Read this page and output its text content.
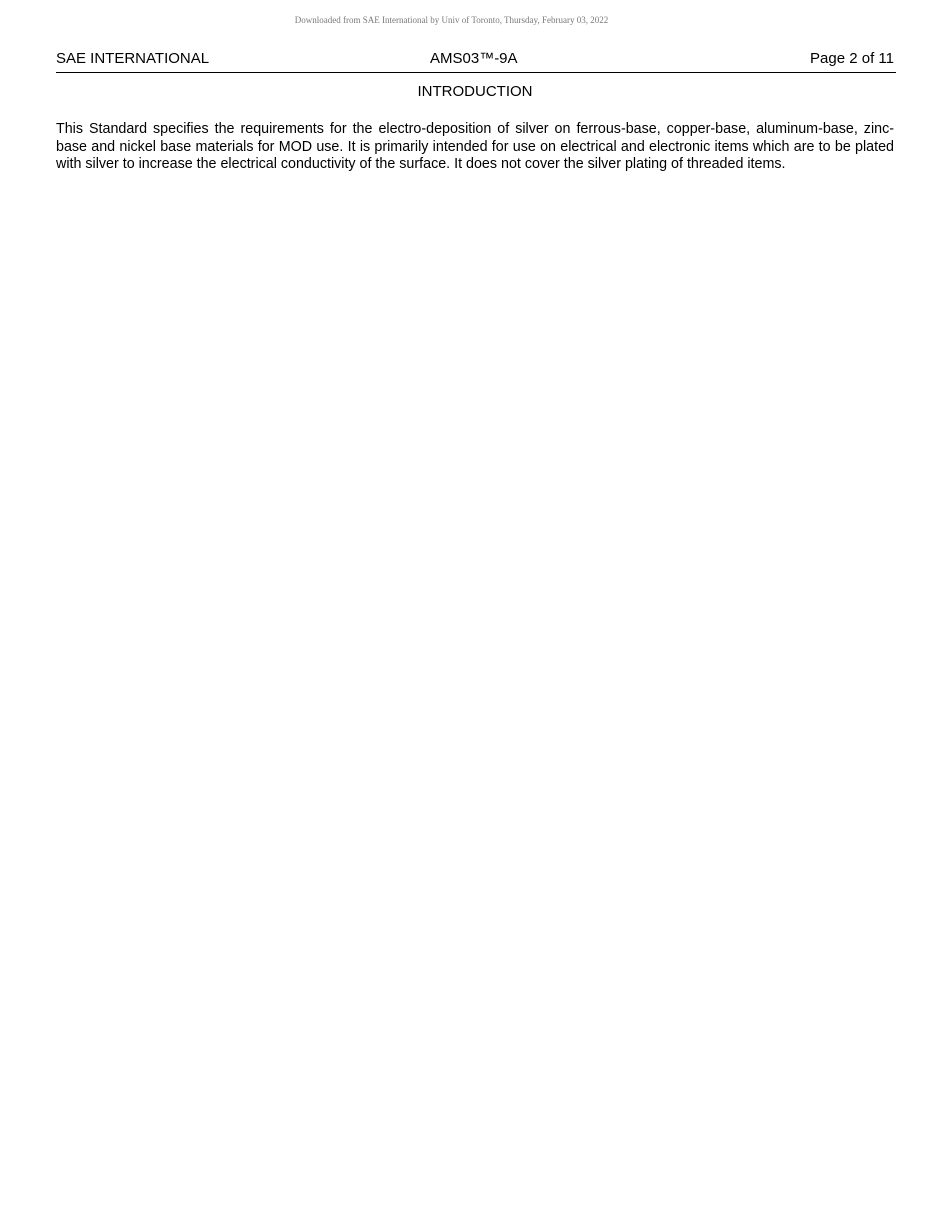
Downloaded from SAE International by Univ of Toronto, Thursday, February 03, 2022
SAE INTERNATIONAL	AMS03™-9A	Page 2 of 11
INTRODUCTION

This Standard specifies the requirements for the electro-deposition of silver on ferrous-base, copper-base, aluminum-base, zinc-base and nickel base materials for MOD use. It is primarily intended for use on electrical and electronic items which are to be plated with silver to increase the electrical conductivity of the surface. It does not cover the silver plating of threaded items.
